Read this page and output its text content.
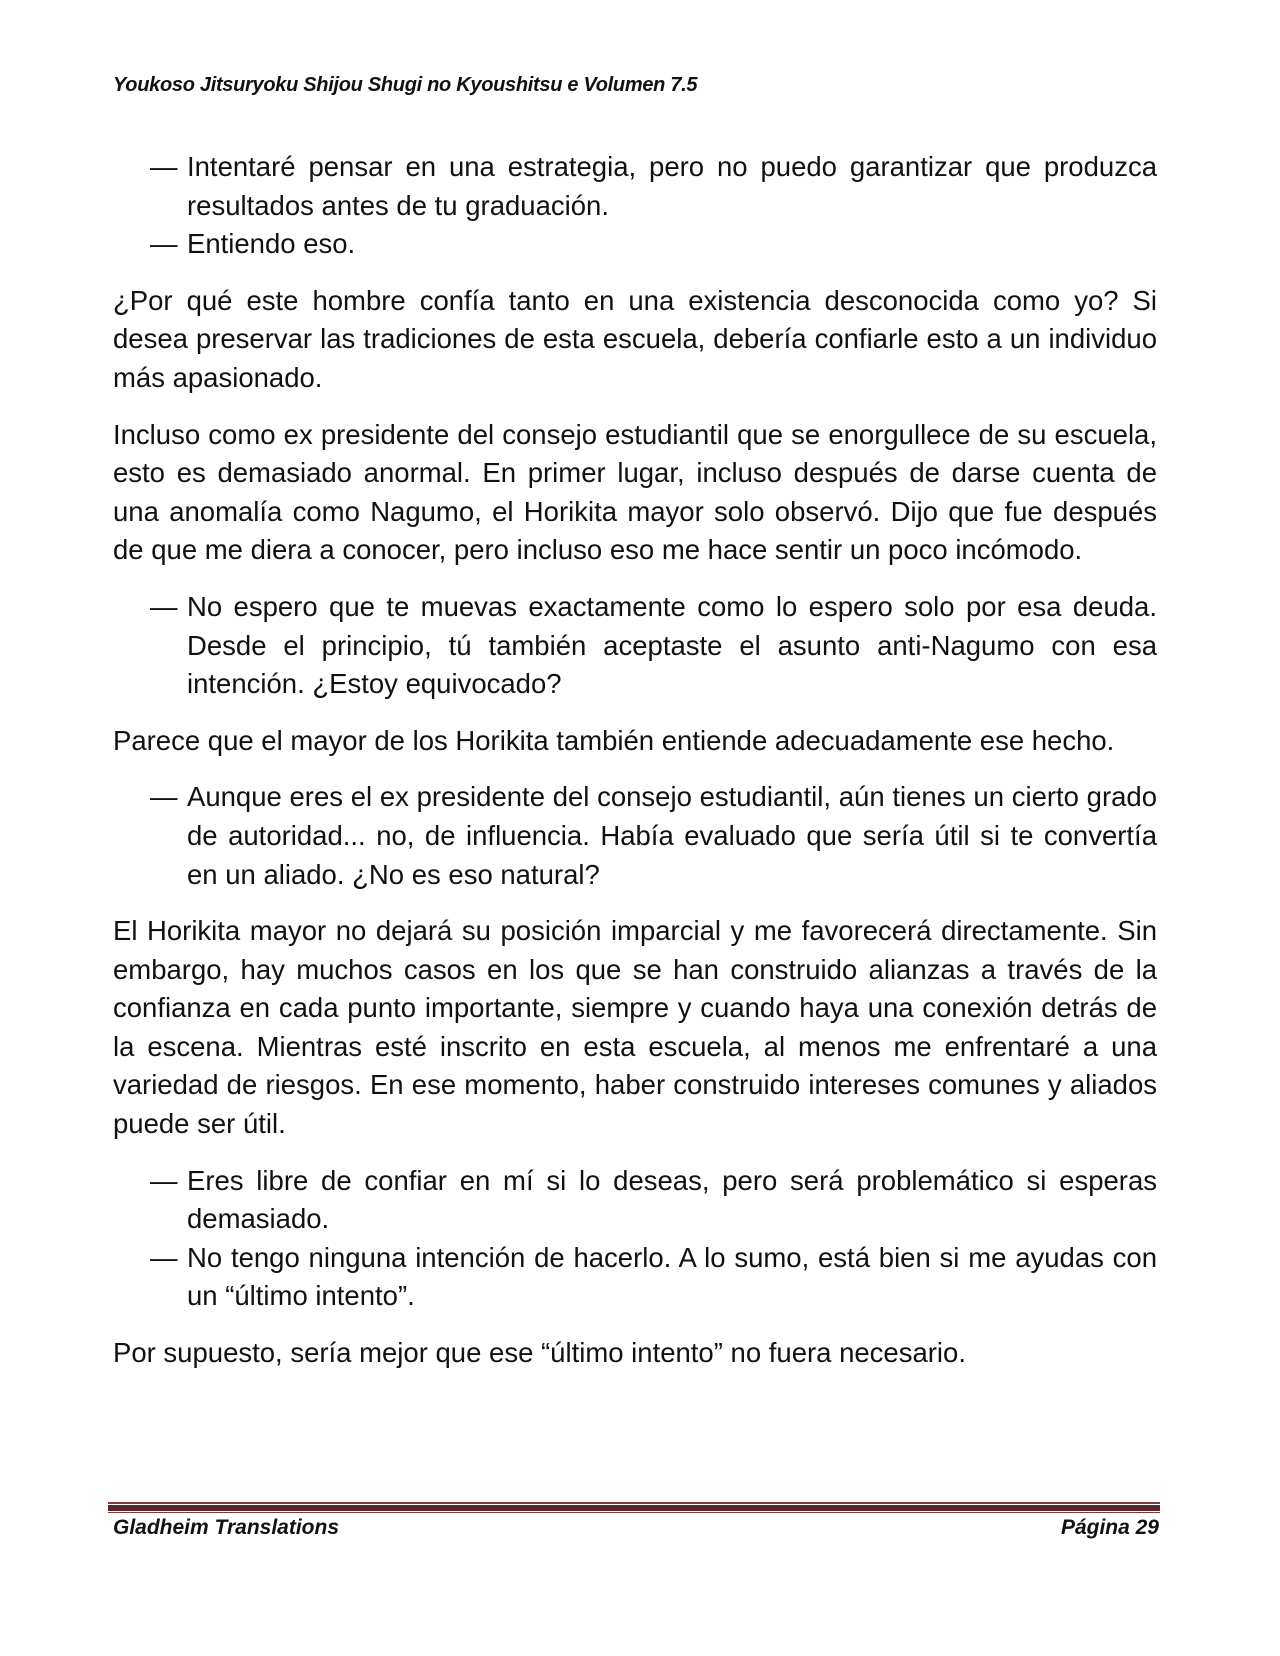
Youkoso Jitsuryoku Shijou Shugi no Kyoushitsu e Volumen 7.5
— Intentaré pensar en una estrategia, pero no puedo garantizar que produzca resultados antes de tu graduación.
— Entiendo eso.

¿Por qué este hombre confía tanto en una existencia desconocida como yo? Si desea preservar las tradiciones de esta escuela, debería confiarle esto a un individuo más apasionado.

Incluso como ex presidente del consejo estudiantil que se enorgullece de su escuela, esto es demasiado anormal. En primer lugar, incluso después de darse cuenta de una anomalía como Nagumo, el Horikita mayor solo observó. Dijo que fue después de que me diera a conocer, pero incluso eso me hace sentir un poco incómodo.

— No espero que te muevas exactamente como lo espero solo por esa deuda. Desde el principio, tú también aceptaste el asunto anti-Nagumo con esa intención. ¿Estoy equivocado?

Parece que el mayor de los Horikita también entiende adecuadamente ese hecho.

— Aunque eres el ex presidente del consejo estudiantil, aún tienes un cierto grado de autoridad... no, de influencia. Había evaluado que sería útil si te convertía en un aliado. ¿No es eso natural?

El Horikita mayor no dejará su posición imparcial y me favorecerá directamente. Sin embargo, hay muchos casos en los que se han construido alianzas a través de la confianza en cada punto importante, siempre y cuando haya una conexión detrás de la escena. Mientras esté inscrito en esta escuela, al menos me enfrentaré a una variedad de riesgos. En ese momento, haber construido intereses comunes y aliados puede ser útil.

— Eres libre de confiar en mí si lo deseas, pero será problemático si esperas demasiado.
— No tengo ninguna intención de hacerlo. A lo sumo, está bien si me ayudas con un “último intento”.

Por supuesto, sería mejor que ese “último intento” no fuera necesario.

Gladheim Translations	Página 29
